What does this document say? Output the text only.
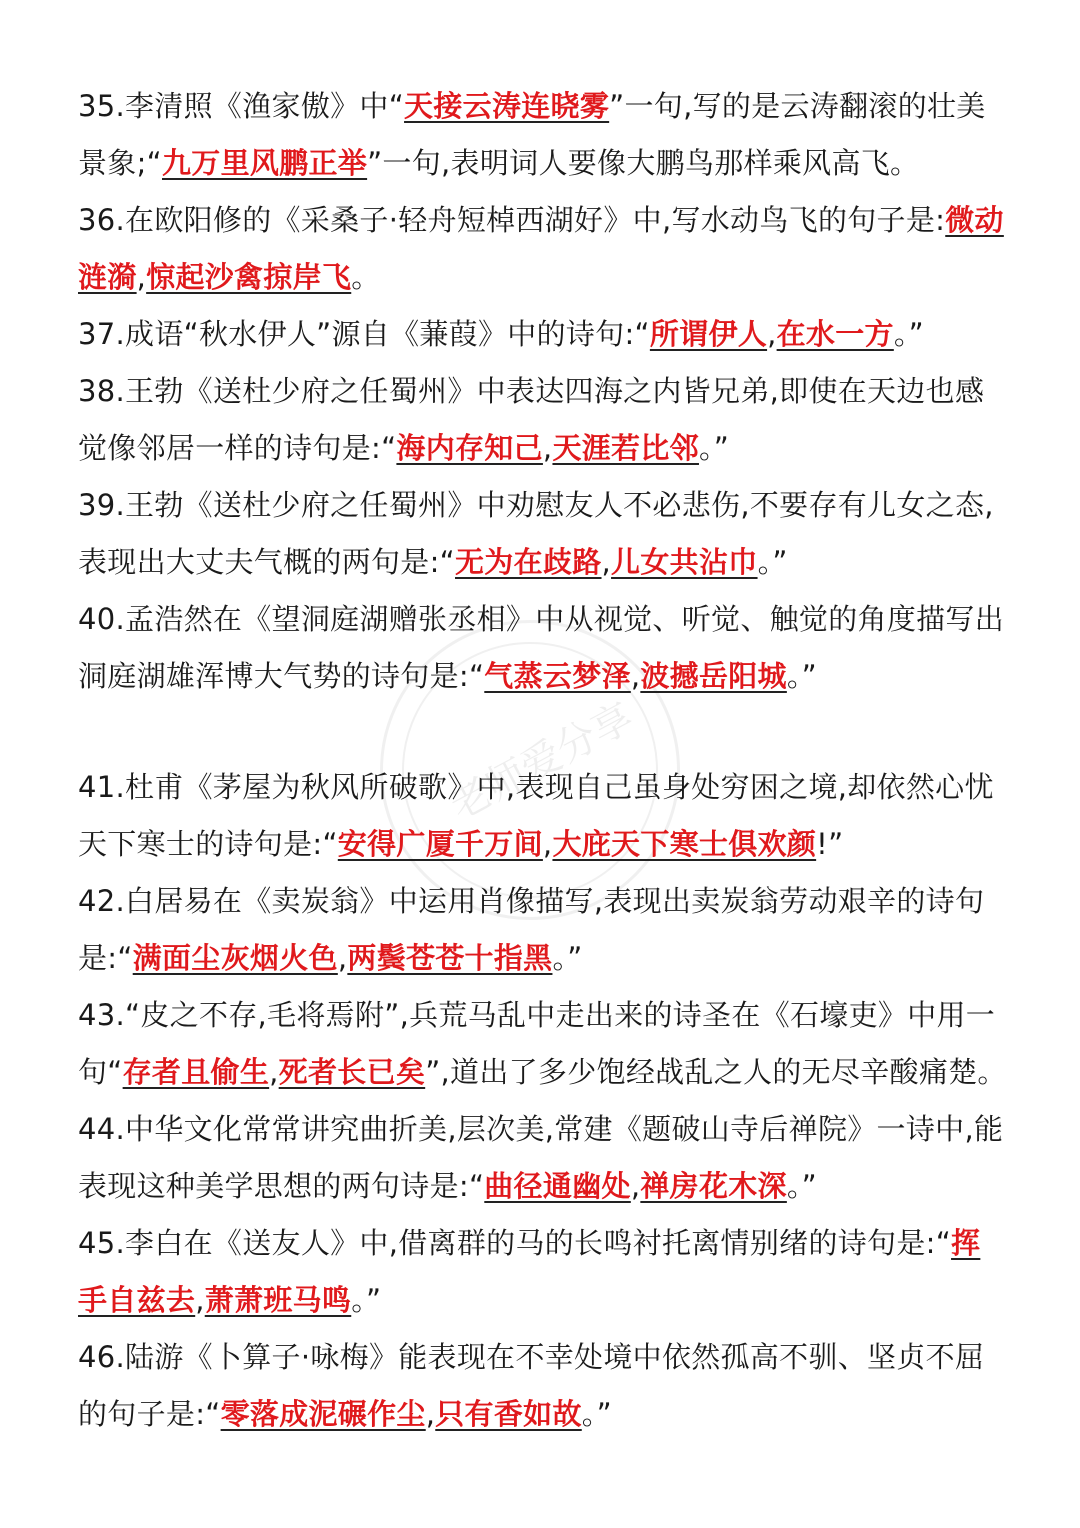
老师爱分享

35.李清照《渔家傲》中“天接云涛连晓雾”一句,写的是云涛翻滚的壮美景象;“九万里风鹏正举”一句,表明词人要像大鹏鸟那样乘风高飞。

36.在欧阳修的《采桑子·轻舟短棹西湖好》中,写水动鸟飞的句子是:微动涟漪,惊起沙禽掠岸飞。

37.成语“秋水伊人”源自《蒹葭》中的诗句:“所谓伊人,在水一方。”

38.王勃《送杜少府之任蜀州》中表达四海之内皆兄弟,即使在天边也感觉像邻居一样的诗句是:“海内存知己,天涯若比邻。”

39.王勃《送杜少府之任蜀州》中劝慰友人不必悲伤,不要存有儿女之态,表现出大丈夫气概的两句是:“无为在歧路,儿女共沾巾。”

40.孟浩然在《望洞庭湖赠张丞相》中从视觉、听觉、触觉的角度描写出洞庭湖雄浑博大气势的诗句是:“气蒸云梦泽,波撼岳阳城。”

41.杜甫《茅屋为秋风所破歌》中,表现自己虽身处穷困之境,却依然心忧天下寒士的诗句是:“安得广厦千万间,大庇天下寒士俱欢颜!”

42.白居易在《卖炭翁》中运用肖像描写,表现出卖炭翁劳动艰辛的诗句是:“满面尘灰烟火色,两鬓苍苍十指黑。”

43.“皮之不存,毛将焉附”,兵荒马乱中走出来的诗圣在《石壕吏》中用一句“存者且偷生,死者长已矣”,道出了多少饱经战乱之人的无尽辛酸痛楚。

44.中华文化常常讲究曲折美,层次美,常建《题破山寺后禅院》一诗中,能表现这种美学思想的两句诗是:“曲径通幽处,禅房花木深。”

45.李白在《送友人》中,借离群的马的长鸣衬托离情别绪的诗句是:“挥手自兹去,萧萧班马鸣。”

46.陆游《卜算子·咏梅》能表现在不幸处境中依然孤高不驯、坚贞不屈的句子是:“零落成泥碾作尘,只有香如故。”
